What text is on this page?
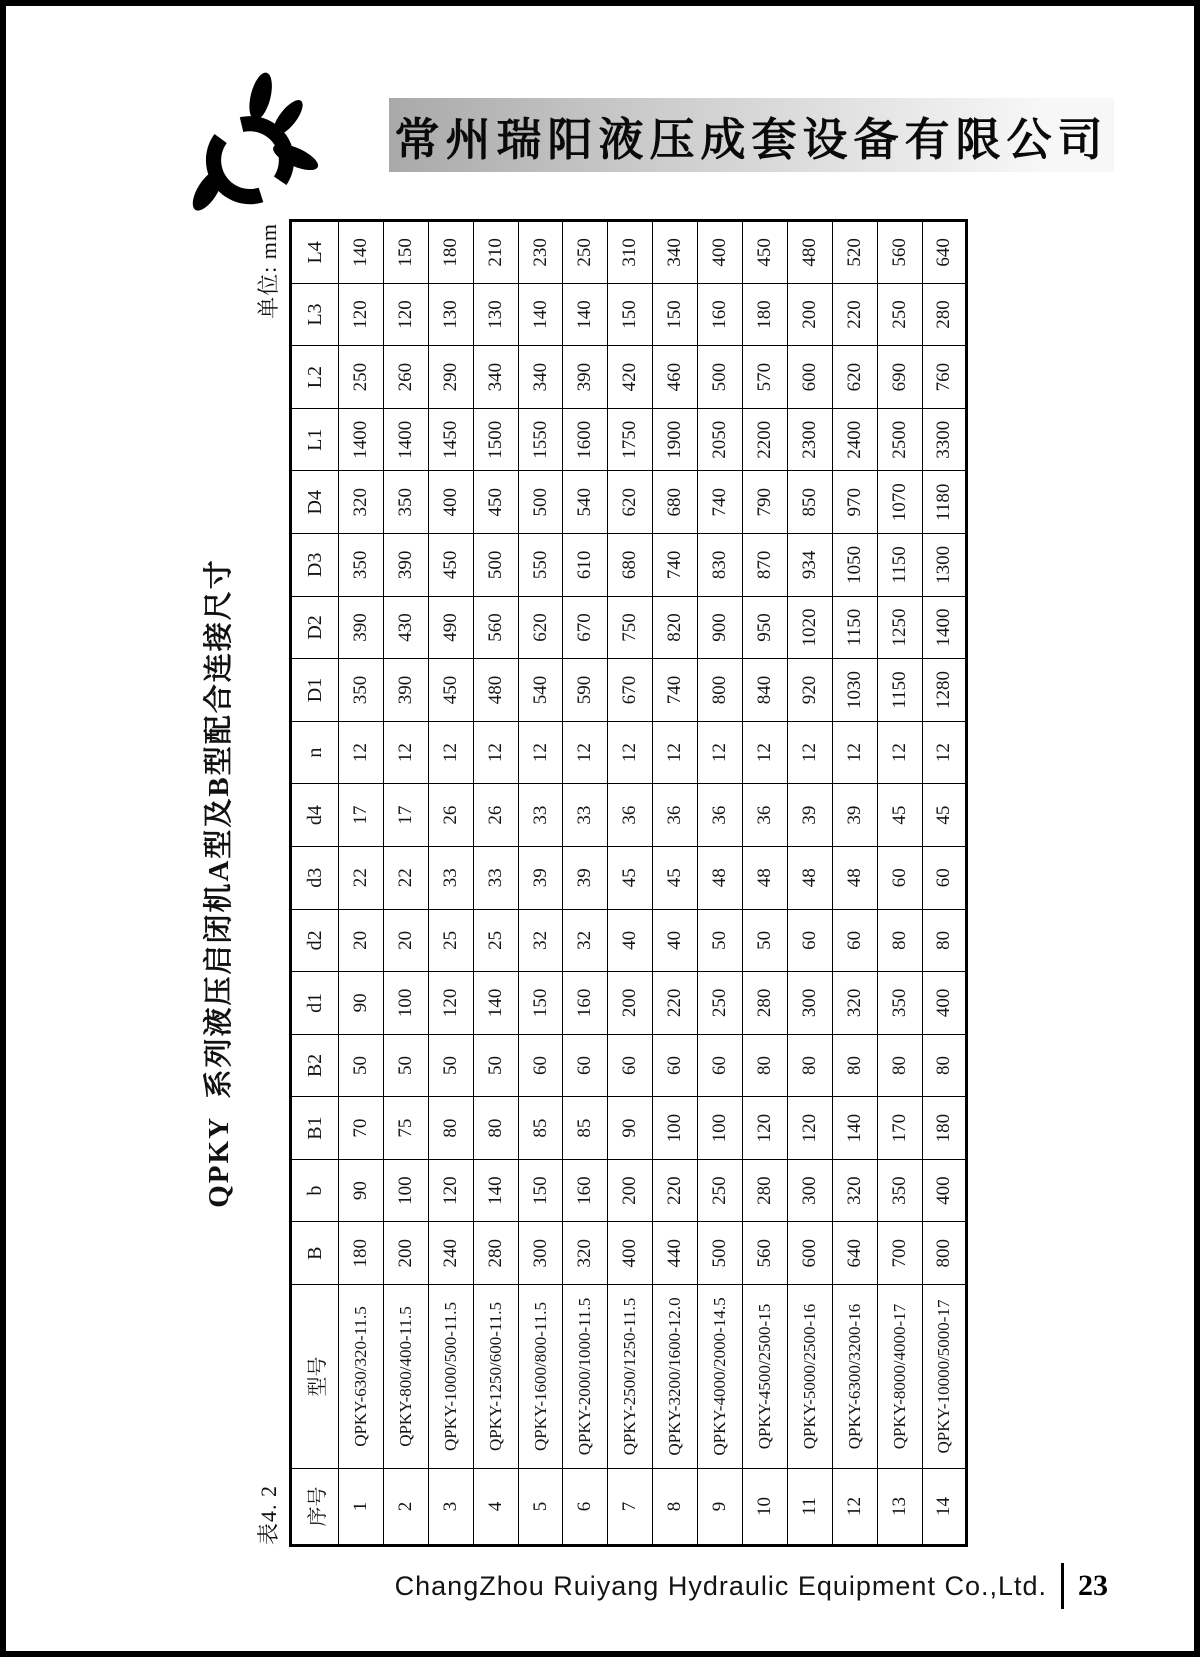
常州瑞阳液压成套设备有限公司
QPKY  系列液压启闭机A型及B型配合连接尺寸
表4. 2
单位: mm
序号	型号	B	b	B1	B2	d1	d2	d3	d4	n	D1	D2	D3	D4	L1	L2	L3	L4
1	QPKY-630/320-11.5	180	90	70	50	90	20	22	17	12	350	390	350	320	1400	250	120	140
2	QPKY-800/400-11.5	200	100	75	50	100	20	22	17	12	390	430	390	350	1400	260	120	150
3	QPKY-1000/500-11.5	240	120	80	50	120	25	33	26	12	450	490	450	400	1450	290	130	180
4	QPKY-1250/600-11.5	280	140	80	50	140	25	33	26	12	480	560	500	450	1500	340	130	210
5	QPKY-1600/800-11.5	300	150	85	60	150	32	39	33	12	540	620	550	500	1550	340	140	230
6	QPKY-2000/1000-11.5	320	160	85	60	160	32	39	33	12	590	670	610	540	1600	390	140	250
7	QPKY-2500/1250-11.5	400	200	90	60	200	40	45	36	12	670	750	680	620	1750	420	150	310
8	QPKY-3200/1600-12.0	440	220	100	60	220	40	45	36	12	740	820	740	680	1900	460	150	340
9	QPKY-4000/2000-14.5	500	250	100	60	250	50	48	36	12	800	900	830	740	2050	500	160	400
10	QPKY-4500/2500-15	560	280	120	80	280	50	48	36	12	840	950	870	790	2200	570	180	450
11	QPKY-5000/2500-16	600	300	120	80	300	60	48	39	12	920	1020	934	850	2300	600	200	480
12	QPKY-6300/3200-16	640	320	140	80	320	60	48	39	12	1030	1150	1050	970	2400	620	220	520
13	QPKY-8000/4000-17	700	350	170	80	350	80	60	45	12	1150	1250	1150	1070	2500	690	250	560
14	QPKY-10000/5000-17	800	400	180	80	400	80	60	45	12	1280	1400	1300	1180	3300	760	280	640
ChangZhou Ruiyang Hydraulic Equipment Co.,Ltd. 23
